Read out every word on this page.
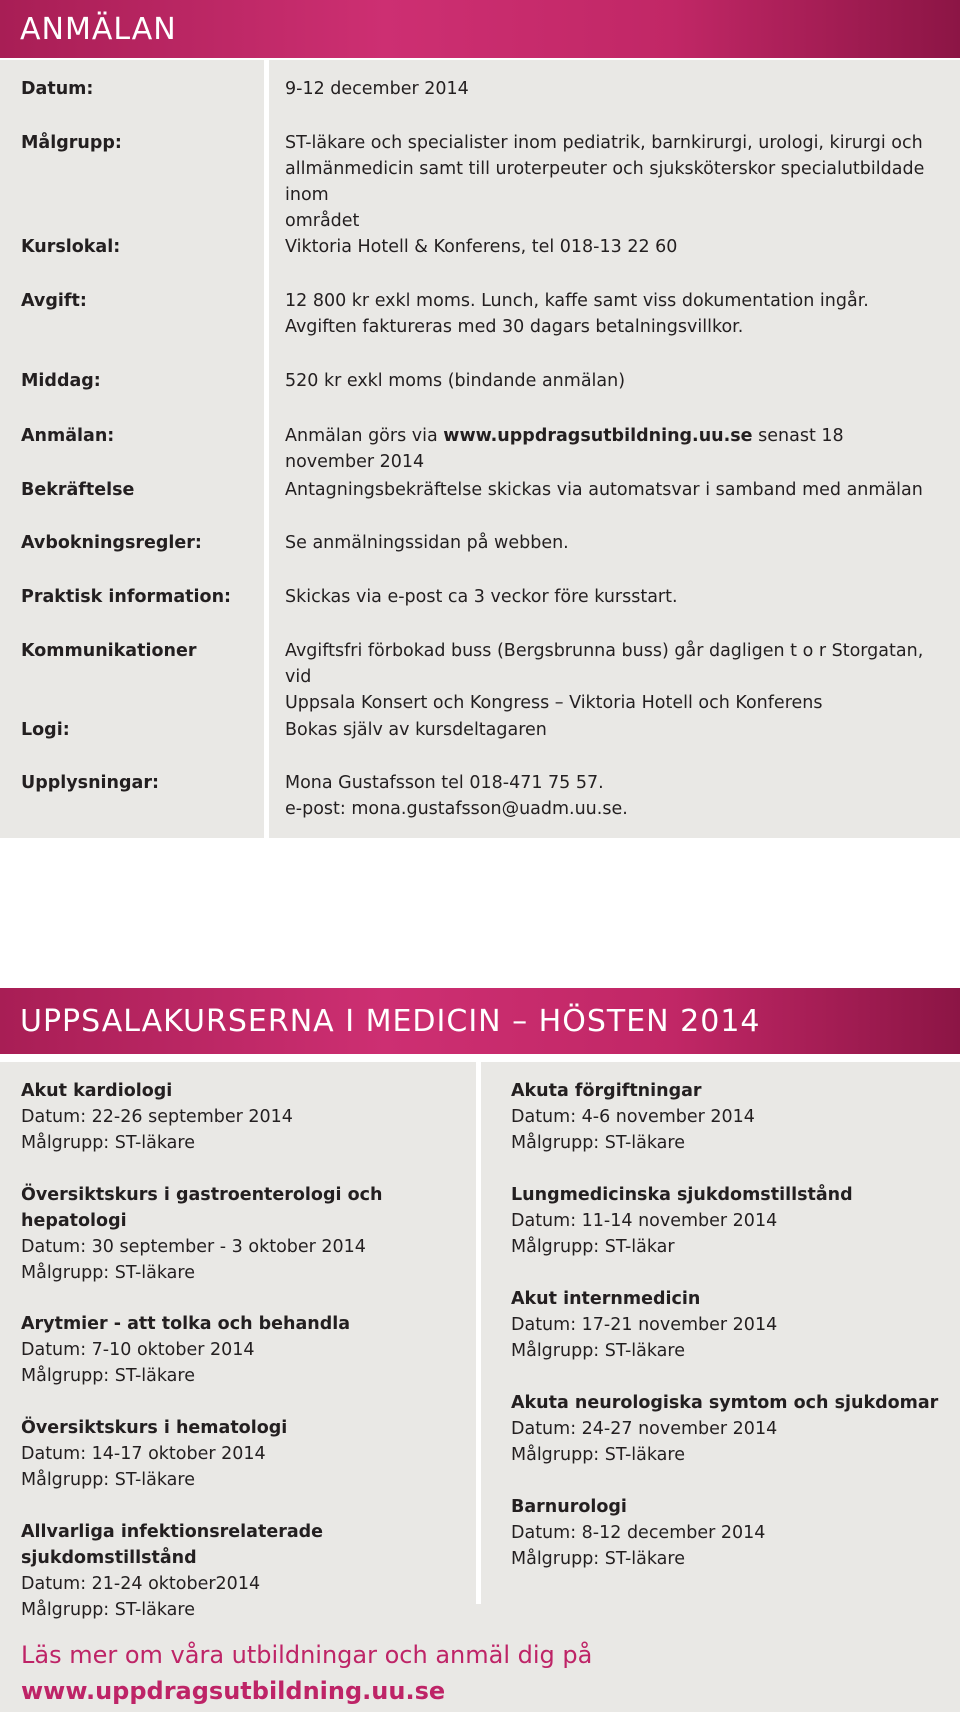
ANMÄLAN
Datum:	9-12 december 2014
Målgrupp:	ST-läkare och specialister inom pediatrik, barnkirurgi, urologi, kirurgi och
allmänmedicin samt till uroterpeuter och sjuksköterskor specialutbildade inom
området
Kurslokal:	Viktoria Hotell & Konferens, tel 018-13 22 60
Avgift:	12 800 kr exkl moms. Lunch, kaffe samt viss dokumentation ingår.
Avgiften faktureras med 30 dagars betalningsvillkor.
Middag:	520 kr exkl moms (bindande anmälan)
Anmälan:	Anmälan görs via www.uppdragsutbildning.uu.se senast 18 november 2014
Bekräftelse	Antagningsbekräftelse skickas via automatsvar i samband med anmälan
Avbokningsregler:	Se anmälningssidan på webben.
Praktisk information:	Skickas via e-post ca 3 veckor före kursstart.
Kommunikationer	Avgiftsfri förbokad buss (Bergsbrunna buss) går dagligen t o r Storgatan, vid
Uppsala Konsert och Kongress – Viktoria Hotell och Konferens
Logi:	Bokas själv av kursdeltagaren
Upplysningar:	Mona Gustafsson tel 018-471 75 57.
e-post: mona.gustafsson@uadm.uu.se.
UPPSALAKURSERNA I MEDICIN – HÖSTEN 2014
Akut kardiologi
Datum: 22-26 september 2014
Målgrupp: ST-läkare
Översiktskurs i gastroenterologi och
hepatologi
Datum: 30 september - 3 oktober 2014
Målgrupp: ST-läkare
Arytmier - att tolka och behandla
Datum: 7-10 oktober 2014
Målgrupp: ST-läkare
Översiktskurs i hematologi
Datum: 14-17 oktober 2014
Målgrupp: ST-läkare
Allvarliga infektionsrelaterade
sjukdomstillstånd
Datum: 21-24 oktober2014
Målgrupp: ST-läkare
Akuta förgiftningar
Datum: 4-6 november 2014
Målgrupp: ST-läkare
Lungmedicinska sjukdomstillstånd
Datum: 11-14 november 2014
Målgrupp: ST-läkar
Akut internmedicin
Datum: 17-21 november 2014
Målgrupp: ST-läkare
Akuta neurologiska symtom och sjukdomar
Datum: 24-27 november 2014
Målgrupp: ST-läkare
Barnurologi
Datum: 8-12 december 2014
Målgrupp: ST-läkare
Läs mer om våra utbildningar och anmäl dig på
www.uppdragsutbildning.uu.se
